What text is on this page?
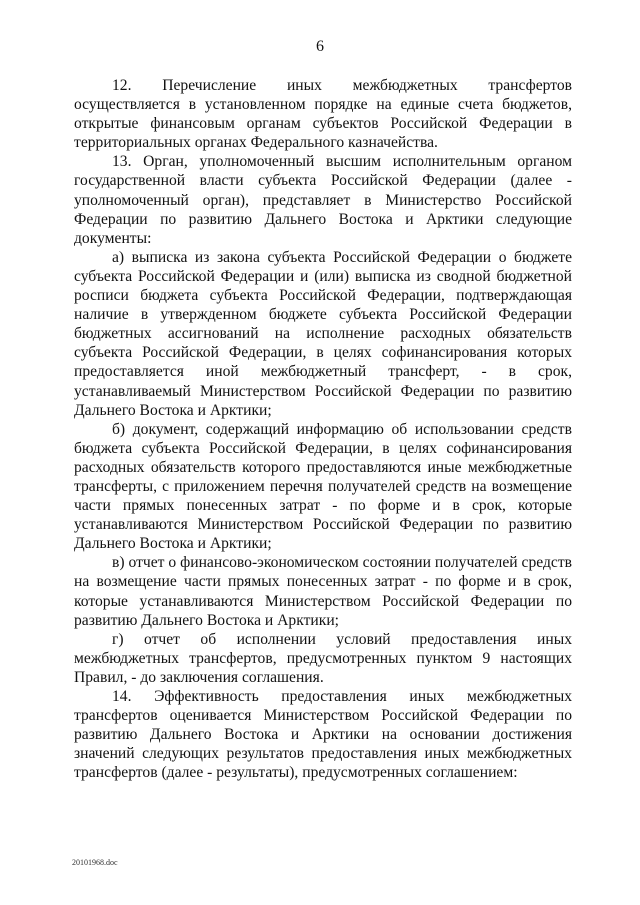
6

12. Перечисление иных межбюджетных трансфертов осуществляется в установленном порядке на единые счета бюджетов, открытые финансовым органам субъектов Российской Федерации в территориальных органах Федерального казначейства.

13. Орган, уполномоченный высшим исполнительным органом государственной власти субъекта Российской Федерации (далее - уполномоченный орган), представляет в Министерство Российской Федерации по развитию Дальнего Востока и Арктики следующие документы:

а) выписка из закона субъекта Российской Федерации о бюджете субъекта Российской Федерации и (или) выписка из сводной бюджетной росписи бюджета субъекта Российской Федерации, подтверждающая наличие в утвержденном бюджете субъекта Российской Федерации бюджетных ассигнований на исполнение расходных обязательств субъекта Российской Федерации, в целях софинансирования которых предоставляется иной межбюджетный трансферт, - в срок, устанавливаемый Министерством Российской Федерации по развитию Дальнего Востока и Арктики;

б) документ, содержащий информацию об использовании средств бюджета субъекта Российской Федерации, в целях софинансирования расходных обязательств которого предоставляются иные межбюджетные трансферты, с приложением перечня получателей средств на возмещение части прямых понесенных затрат - по форме и в срок, которые устанавливаются Министерством Российской Федерации по развитию Дальнего Востока и Арктики;

в) отчет о финансово-экономическом состоянии получателей средств на возмещение части прямых понесенных затрат - по форме и в срок, которые устанавливаются Министерством Российской Федерации по развитию Дальнего Востока и Арктики;

г) отчет об исполнении условий предоставления иных межбюджетных трансфертов, предусмотренных пунктом 9 настоящих Правил, - до заключения соглашения.

14. Эффективность предоставления иных межбюджетных трансфертов оценивается Министерством Российской Федерации по развитию Дальнего Востока и Арктики на основании достижения значений следующих результатов предоставления иных межбюджетных трансфертов (далее - результаты), предусмотренных соглашением:

20101968.doc
